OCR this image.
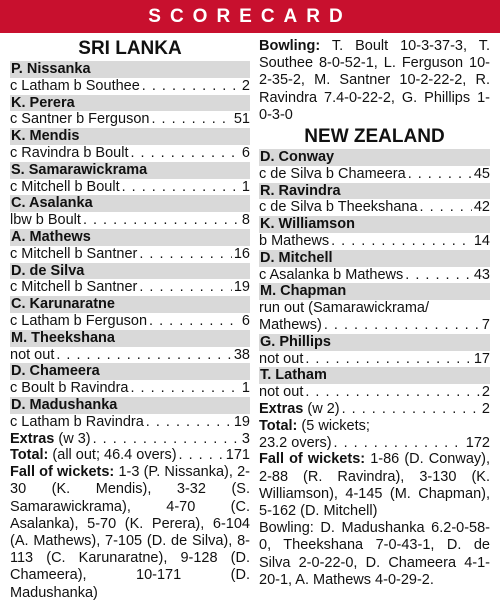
SCORECARD
SRI LANKA
P. Nissanka
c Latham b Southee . . .	2
K. Perera
c Santner b Ferguson . . .	51
K. Mendis
c Ravindra b Boult . . .	6
S. Samarawickrama
c Mitchell b Boult . . .	1
C. Asalanka
lbw b Boult . . .	8
A. Mathews
c Mitchell b Santner . . .	16
D. de Silva
c Mitchell b Santner . . .	19
C. Karunaratne
c Latham b Ferguson . . .	6
M. Theekshana
not out . . .	38
D. Chameera
c Boult b Ravindra . . .	1
D. Madushanka
c Latham b Ravindra . . .	19
Extras (w 3) . . .	3
Total: (all out; 46.4 overs) . . .	171
Fall of wickets: 1-3 (P. Nissanka), 2-30 (K. Mendis), 3-32 (S. Samarawickrama), 4-70 (C. Asalanka), 5-70 (K. Perera), 6-104 (A. Mathews), 7-105 (D. de Silva), 8-113 (C. Karunaratne), 9-128 (D. Chameera), 10-171 (D. Madushanka)
Bowling: T. Boult 10-3-37-3, T. Southee 8-0-52-1, L. Ferguson 10-2-35-2, M. Santner 10-2-22-2, R. Ravindra 7.4-0-22-2, G. Phillips 1-0-3-0
NEW ZEALAND
D. Conway
c de Silva b Chameera . . .	45
R. Ravindra
c de Silva b Theekshana . . .	42
K. Williamson
b Mathews . . .	14
D. Mitchell
c Asalanka b Mathews . . .	43
M. Chapman
run out (Samarawickrama/
Mathews) . . .	7
G. Phillips
not out . . .	17
T. Latham
not out . . .	2
Extras (w 2) . . .	2
Total: (5 wickets;
23.2 overs) . . .	172
Fall of wickets: 1-86 (D. Conway), 2-88 (R. Ravindra), 3-130 (K. Williamson), 4-145 (M. Chapman), 5-162 (D. Mitchell)
Bowling: D. Madushanka 6.2-0-58-0, Theekshana 7-0-43-1, D. de Silva 2-0-22-0, D. Chameera 4-1-20-1, A. Mathews 4-0-29-2.
